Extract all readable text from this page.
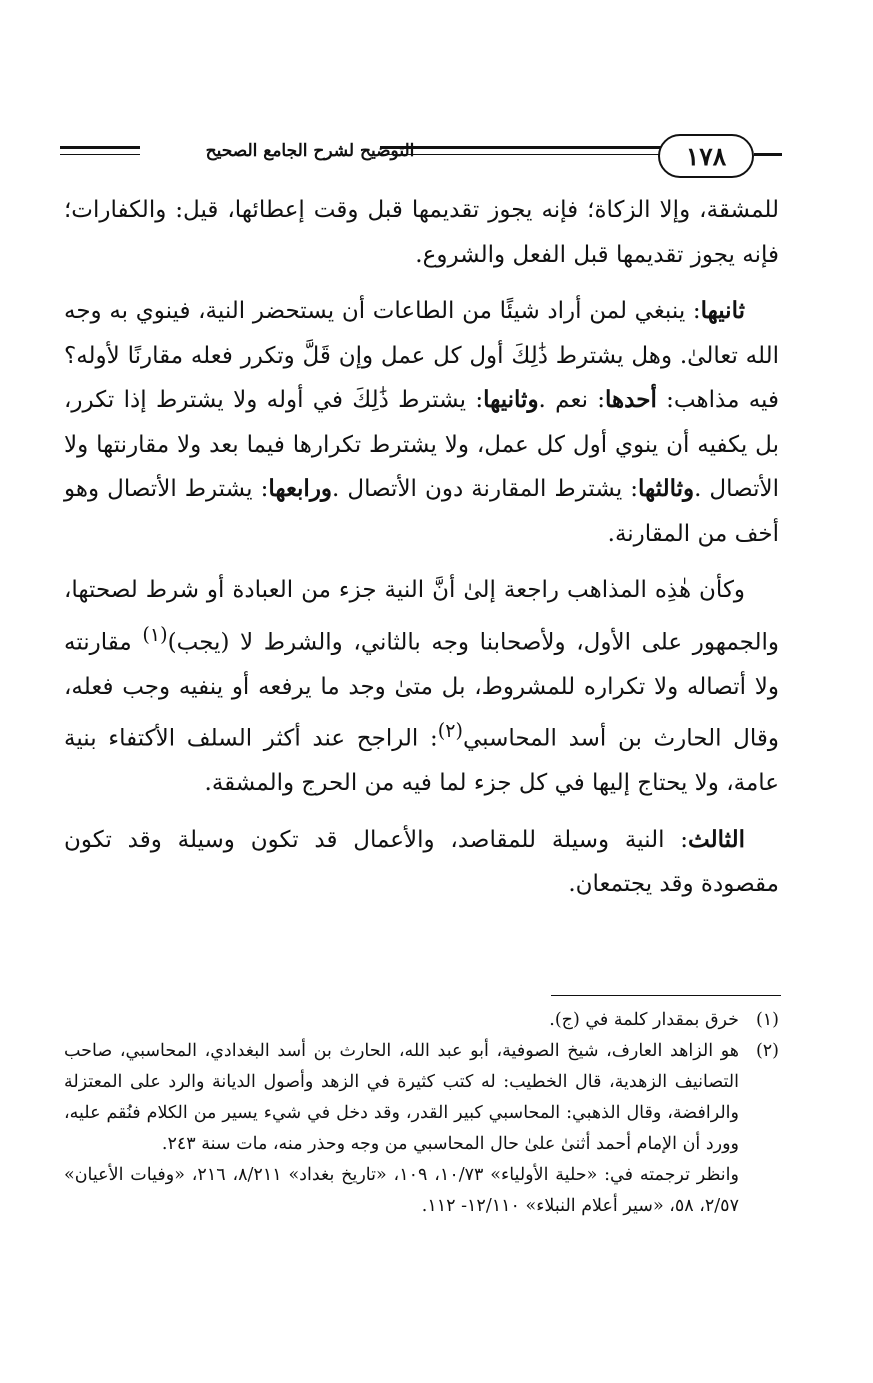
التوضيح لشرح الجامع الصحيح	١٧٨

للمشقة، وإلا الزكاة؛ فإنه يجوز تقديمها قبل وقت إعطائها، قيل: والكفارات؛ فإنه يجوز تقديمها قبل الفعل والشروع.

ثانيها: ينبغي لمن أراد شيئًا من الطاعات أن يستحضر النية، فينوي به وجه الله تعالىٰ. وهل يشترط ذَٰلِكَ أول كل عمل وإن قَلَّ وتكرر فعله مقارنًا لأوله؟ فيه مذاهب: أحدها: نعم .وثانيها: يشترط ذَٰلِكَ في أوله ولا يشترط إذا تكرر، بل يكفيه أن ينوي أول كل عمل، ولا يشترط تكرارها فيما بعد ولا مقارنتها ولا الأتصال .وثالثها: يشترط المقارنة دون الأتصال .ورابعها: يشترط الأتصال وهو أخف من المقارنة.

وكأن هٰذِه المذاهب راجعة إلىٰ أنَّ النية جزء من العبادة أو شرط لصحتها، والجمهور على الأول، ولأصحابنا وجه بالثاني، والشرط لا (يجب)$^{(١)}$ مقارنته ولا أتصاله ولا تكراره للمشروط، بل متىٰ وجد ما يرفعه أو ينفيه وجب فعله، وقال الحارث بن أسد المحاسبي$^{(٢)}$: الراجح عند أكثر السلف الأكتفاء بنية عامة، ولا يحتاج إليها في كل جزء لما فيه من الحرج والمشقة.

الثالث: النية وسيلة للمقاصد، والأعمال قد تكون وسيلة وقد تكون مقصودة وقد يجتمعان.

(١)
خرق بمقدار كلمة في (ج).
(٢)
هو الزاهد العارف، شيخ الصوفية، أبو عبد الله، الحارث بن أسد البغدادي، المحاسبي، صاحب التصانيف الزهدية، قال الخطيب: له كتب كثيرة في الزهد وأصول الديانة والرد على المعتزلة والرافضة، وقال الذهبي: المحاسبي كبير القدر، وقد دخل في شيء يسير من الكلام فنُقم عليه، وورد أن الإمام أحمد أثنىٰ علىٰ حال المحاسبي من وجه وحذر منه، مات سنة ٢٤٣.

وانظر ترجمته في: «حلية الأولياء» ١٠/٧٣، ١٠٩، «تاريخ بغداد» ٨/٢١١، ٢١٦، «وفيات الأعيان» ٢/٥٧، ٥٨، «سير أعلام النبلاء» ١٢/١١٠- ١١٢.
